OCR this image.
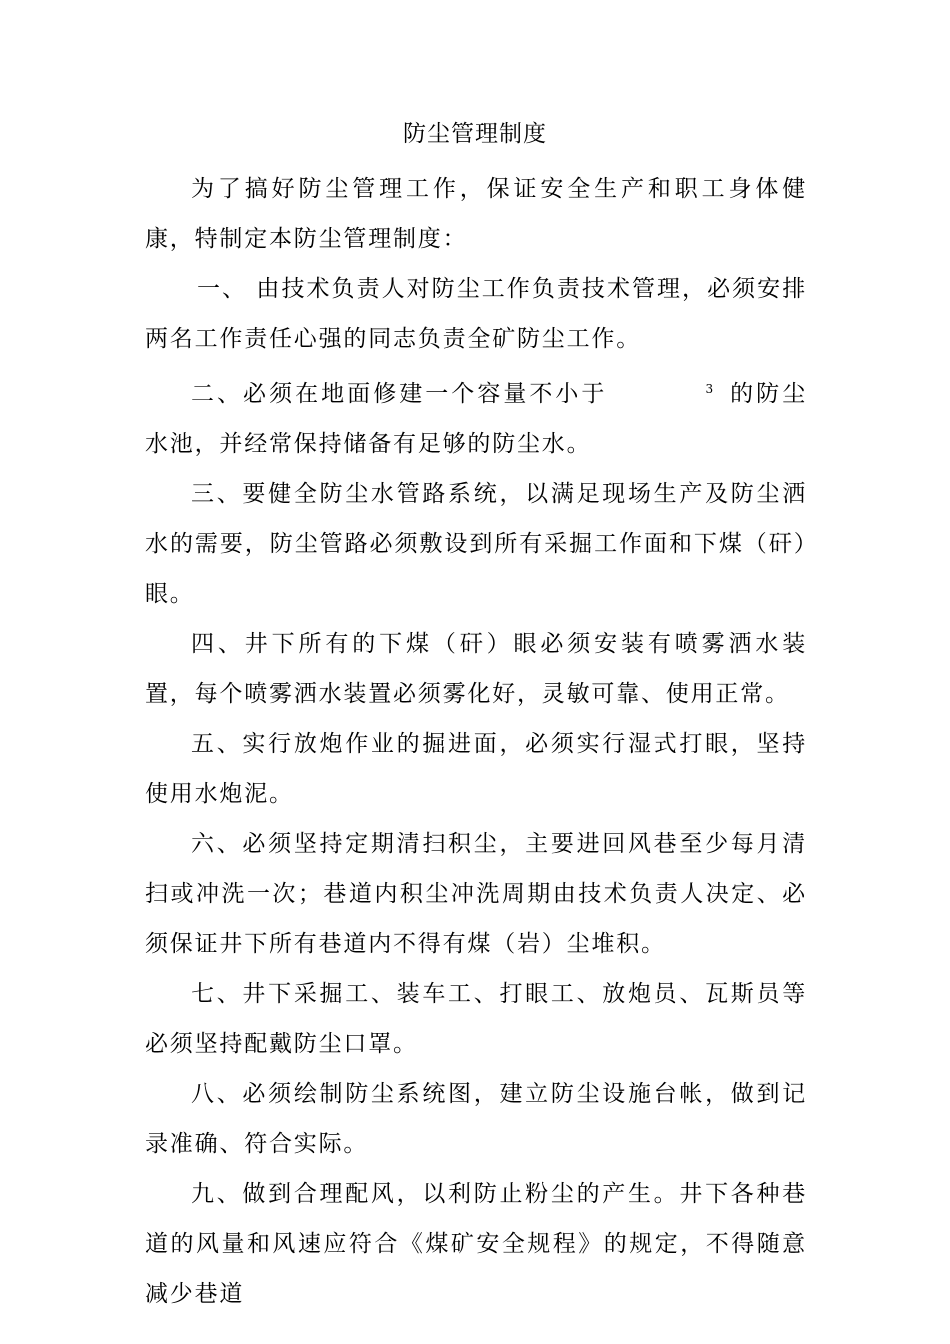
防尘管理制度

为了搞好防尘管理工作，保证安全生产和职工身体健康，特制定本防尘管理制度：

一、 由技术负责人对防尘工作负责技术管理，必须安排两名工作责任心强的同志负责全矿防尘工作。

二、必须在地面修建一个容量不小于	3 的防尘水池，并经常保持储备有足够的防尘水。

三、要健全防尘水管路系统，以满足现场生产及防尘洒水的需要，防尘管路必须敷设到所有采掘工作面和下煤（矸）眼。

四、井下所有的下煤（矸）眼必须安装有喷雾洒水装置，每个喷雾洒水装置必须雾化好，灵敏可靠、使用正常。

五、实行放炮作业的掘进面，必须实行湿式打眼，坚持使用水炮泥。

六、必须坚持定期清扫积尘，主要进回风巷至少每月清扫或冲洗一次；巷道内积尘冲洗周期由技术负责人决定、必须保证井下所有巷道内不得有煤（岩）尘堆积。

七、井下采掘工、装车工、打眼工、放炮员、瓦斯员等必须坚持配戴防尘口罩。

八、必须绘制防尘系统图，建立防尘设施台帐，做到记录准确、符合实际。

九、做到合理配风，以利防止粉尘的产生。井下各种巷道的风量和风速应符合《煤矿安全规程》的规定，不得随意减少巷道
